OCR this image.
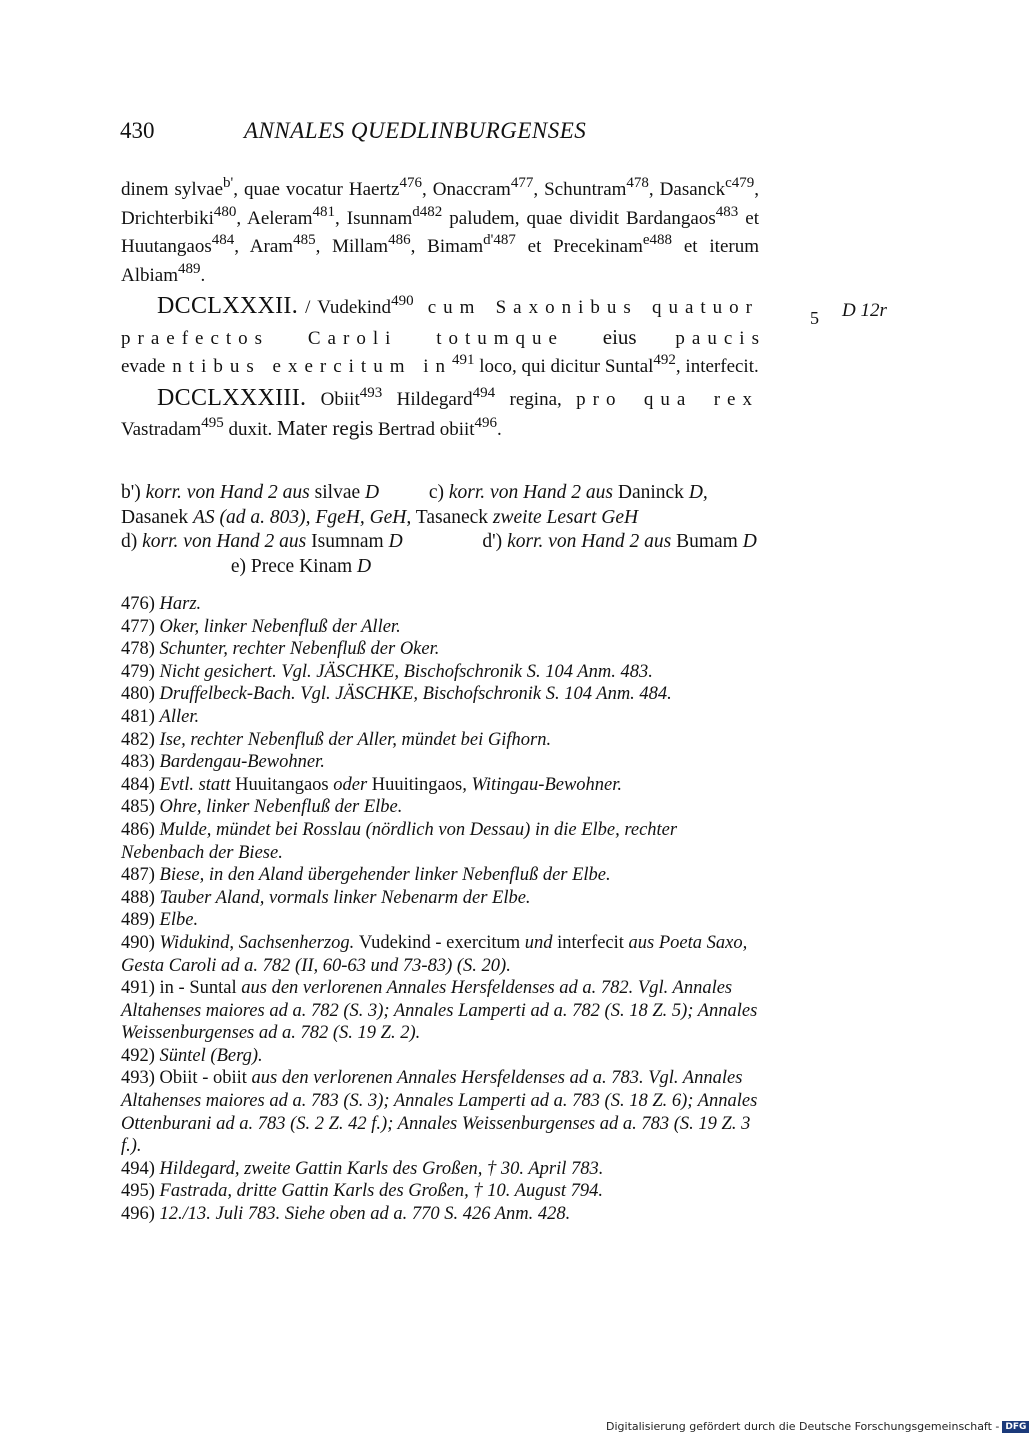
430	ANNALES QUEDLINBURGENSES

dinem sylvae$^{b'}$, quae vocatur Haertz$^{476}$, Onaccram$^{477}$, Schuntram$^{478}$, Dasanck$^{c479}$, Drichterbiki$^{480}$, Aeleram$^{481}$, Isunnam$^{d482}$ paludem, quae dividit Bardangaos$^{483}$ et Huutangaos$^{484}$, Aram$^{485}$, Millam$^{486}$, Bimam$^{d'487}$ et Precekinam$^{e488}$ et iterum Albiam$^{489}$.

DCCLXXXII. / Vudekind$^{490}$ cum Saxonibus quatuor praefectos Caroli totumque eius paucis evadentibus exercitum $in^{491}$ loco, qui dicitur Suntal$^{492}$, interfecit.

DCCLXXXIII. Obiit$^{493}$ Hildegard$^{494}$ regina, pro qua rex Vastradam$^{495}$ duxit. Mater regis Bertrad obiit$^{496}$.

5 D 12r
b') korr. von Hand 2 aus silvae D	c) korr. von Hand 2 aus Daninck D, Dasanek AS (ad a. 803), FgeH, GeH, Tasaneck zweite Lesart GeH
d) korr. von Hand 2 aus Isumnam D	d') korr. von Hand 2 aus Bumam D  e) Prece Kinam D
476) Harz.
477) Oker, linker Nebenfluß der Aller.
478) Schunter, rechter Nebenfluß der Oker.
479) Nicht gesichert. Vgl. JÄSCHKE, Bischofschronik S. 104 Anm. 483.
480) Druffelbeck-Bach. Vgl. JÄSCHKE, Bischofschronik S. 104 Anm. 484.
481) Aller.
482) Ise, rechter Nebenfluß der Aller, mündet bei Gifhorn.
483) Bardengau-Bewohner.
484) Evtl. statt Huuitangaos oder Huuitingaos, Witingau-Bewohner.
485) Ohre, linker Nebenfluß der Elbe.
486) Mulde, mündet bei Rosslau (nördlich von Dessau) in die Elbe, rechter Nebenbach der Biese.
487) Biese, in den Aland übergehender linker Nebenfluß der Elbe.
488) Tauber Aland, vormals linker Nebenarm der Elbe.
489) Elbe.
490) Widukind, Sachsenherzog. Vudekind - exercitum und interfecit aus Poeta Saxo, Gesta Caroli ad a. 782 (II, 60-63 und 73-83) (S. 20).
491) in - Suntal aus den verlorenen Annales Hersfeldenses ad a. 782. Vgl. Annales Altahenses maiores ad a. 782 (S. 3); Annales Lamperti ad a. 782 (S. 18 Z. 5); Annales Weissenburgenses ad a. 782 (S. 19 Z. 2).
492) Süntel (Berg).
493) Obiit - obiit aus den verlorenen Annales Hersfeldenses ad a. 783. Vgl. Annales Altahenses maiores ad a. 783 (S. 3); Annales Lamperti ad a. 783 (S. 18 Z. 6); Annales Ottenburani ad a. 783 (S. 2 Z. 42 f.); Annales Weissenburgenses ad a. 783 (S. 19 Z. 3 f.).
494) Hildegard, zweite Gattin Karls des Großen, † 30. April 783.
495) Fastrada, dritte Gattin Karls des Großen, † 10. August 794.
496) 12./13. Juli 783. Siehe oben ad a. 770 S. 426 Anm. 428.
Digitalisierung gefördert durch die Deutsche Forschungsgemeinschaft - DFG
